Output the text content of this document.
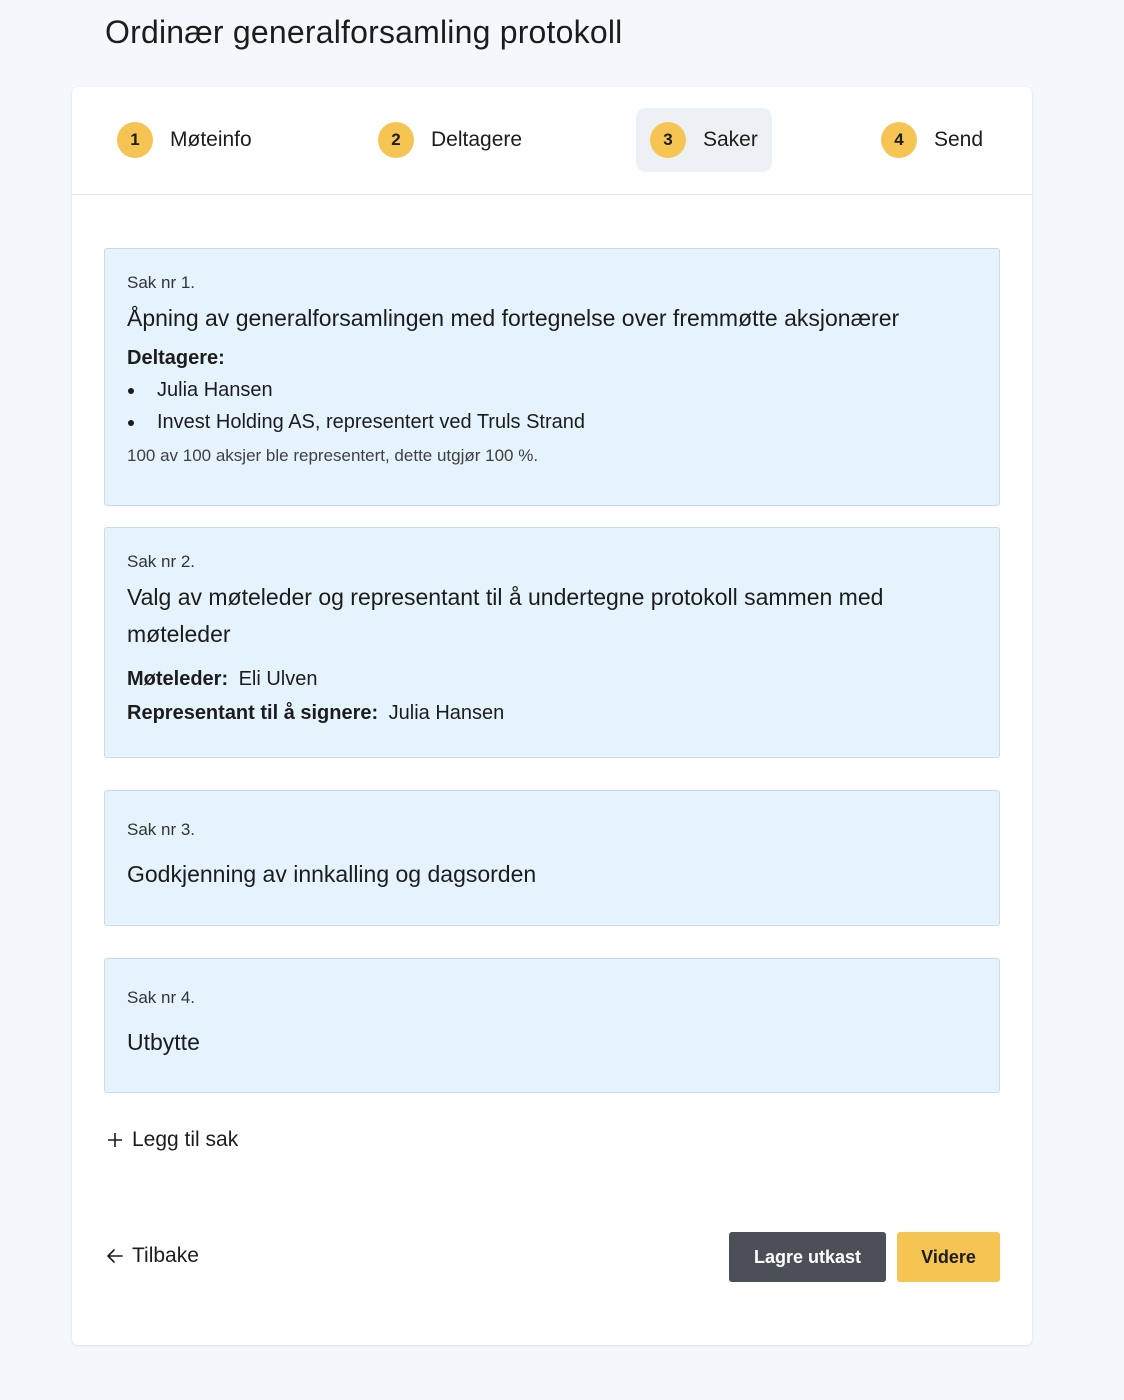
Ordinær generalforsamling protokoll
1	Møteinfo	2	Deltagere	3	Saker	4	Send
Sak nr 1.
Åpning av generalforsamlingen med fortegnelse over fremmøtte aksjonærer
Deltagere:
Julia Hansen
Invest Holding AS, representert ved Truls Strand
100 av 100 aksjer ble representert, dette utgjør 100 %.
Sak nr 2.
Valg av møteleder og representant til å undertegne protokoll sammen med møteleder
Møteleder: Eli Ulven
Representant til å signere: Julia Hansen
Sak nr 3.
Godkjenning av innkalling og dagsorden
Sak nr 4.
Utbytte
Legg til sak
Tilbake	Lagre utkast	Videre
